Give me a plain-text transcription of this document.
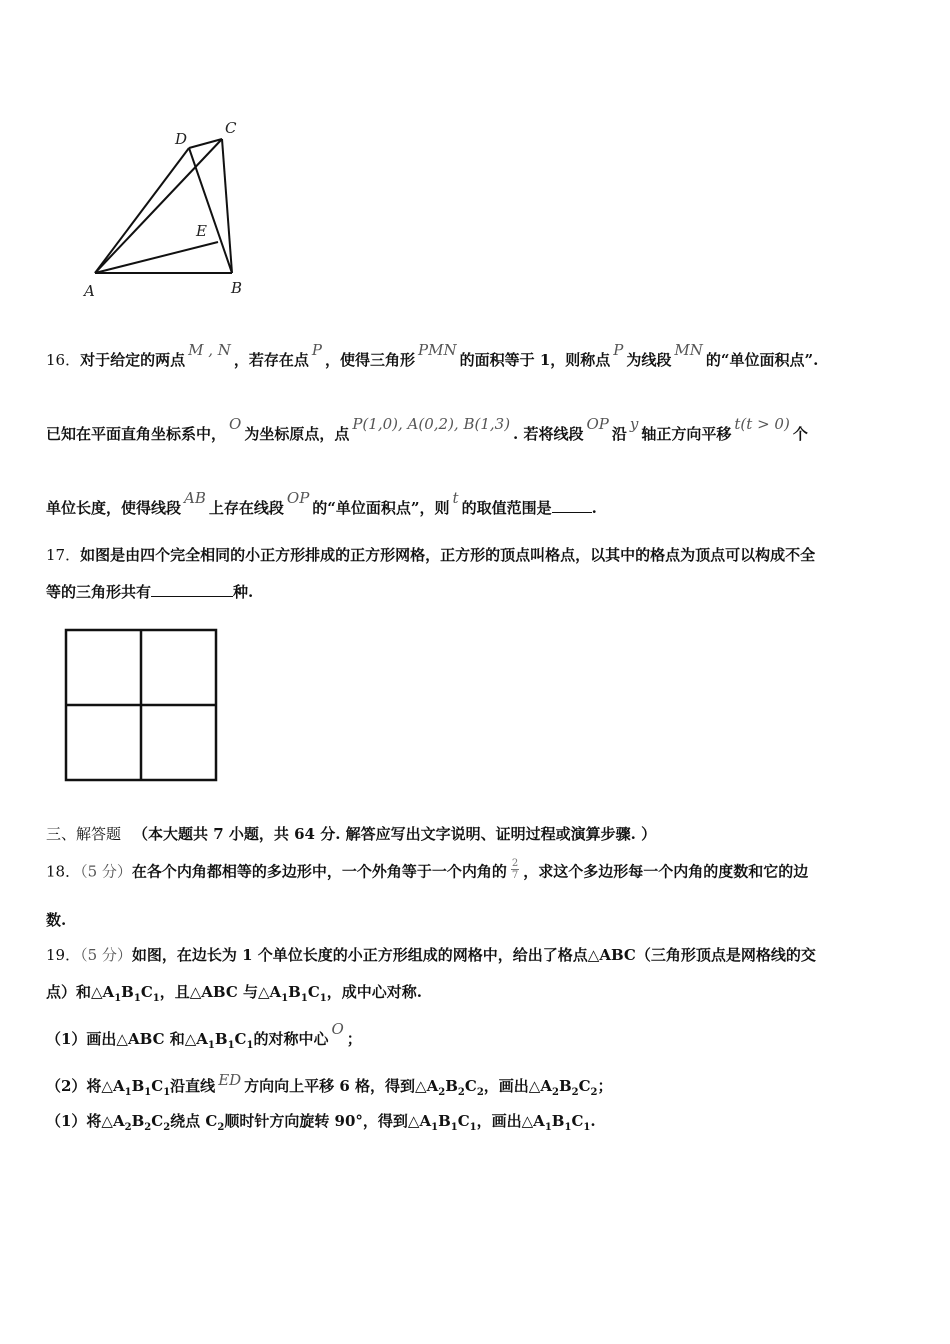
A	B
C
D
E
16．对于给定的两点M , N，若存在点P，使得三角形PMN的面积等于 1，则称点P为线段MN的“单位面积点”.
已知在平面直角坐标系中，O为坐标原点，点P(1,0), A(0,2), B(1,3). 若将线段OP沿y轴正方向平移t(t > 0)个
单位长度，使得线段AB上存在线段OP的“单位面积点”，则t的取值范围是	.
17．如图是由四个完全相同的小正方形排成的正方形网格，正方形的顶点叫格点，以其中的格点为顶点可以构成不全
等的三角形共有	种.
三、解答题 （本大题共 7 小题，共 64 分. 解答应写出文字说明、证明过程或演算步骤. ）
18．（5 分）在各个内角都相等的多边形中，一个外角等于一个内角的 $\frac{2}{7}$ ，求这个多边形每一个内角的度数和它的边
数.
19．（5 分）如图，在边长为 1 个单位长度的小正方形组成的网格中，给出了格点△ABC（三角形顶点是网格线的交
点）和$\triangle A_1B_1C_1$，且△ABC 与$\triangle A_1B_1C_1$，成中心对称.
（1）画出△ABC 和$\triangle A_1B_1C_1$的对称中心O；
（2）将$\triangle A_1B_1C_1$沿直线 ED 方向向上平移 6 格，得到$\triangle A_2B_2C_2$，画出$\triangle A_2B_2C_2$；
（1）将$\triangle A_2B_2C_2$绕点 $C_2$顺时针方向旋转 90°，得到$\triangle A_1B_1C_1$，画出$\triangle A_1B_1C_1$.
